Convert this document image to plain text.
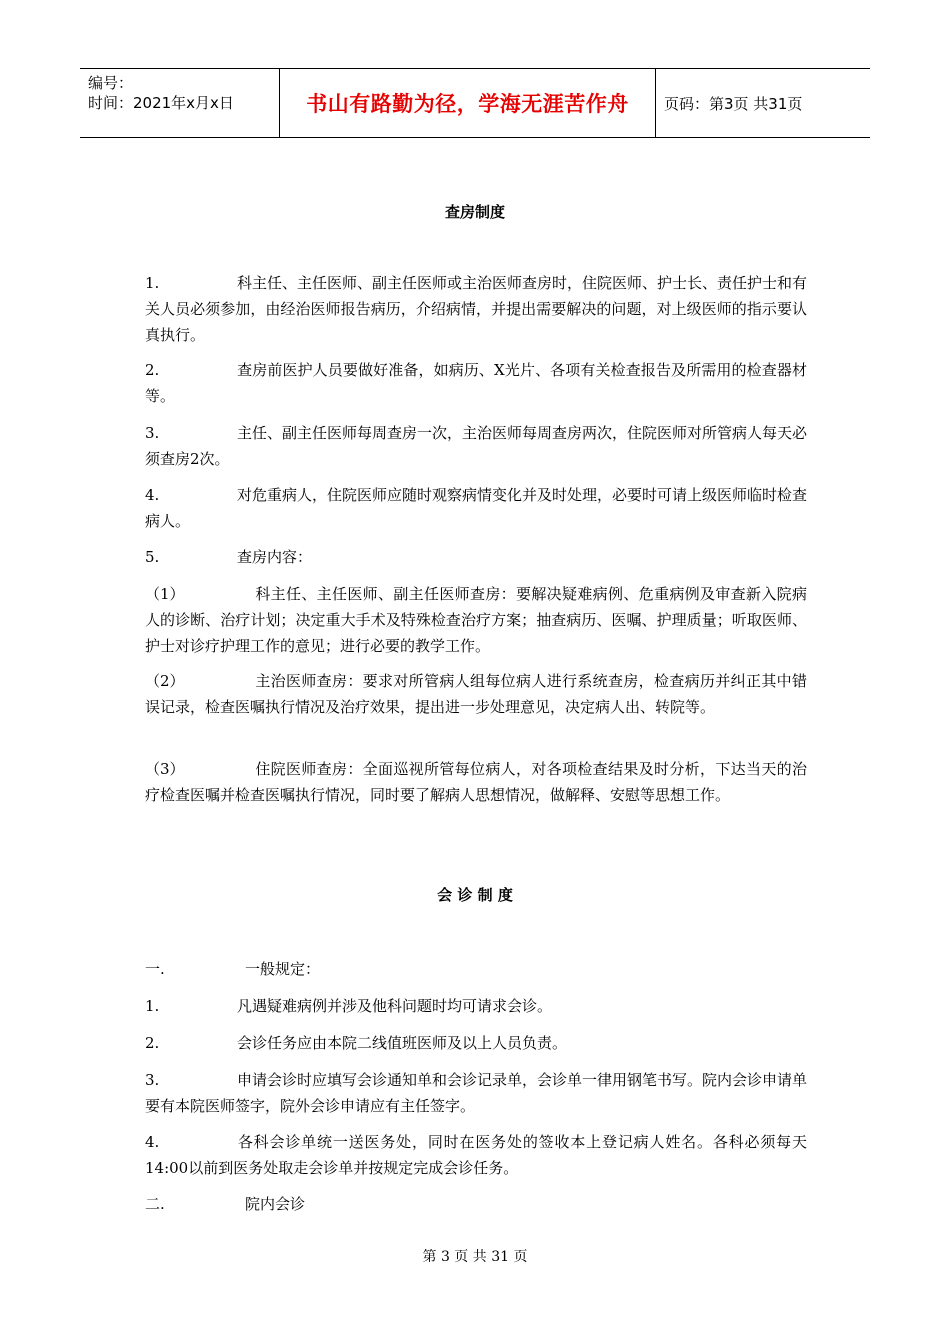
编号：
时间：2021年x月x日	书山有路勤为径，学海无涯苦作舟	页码：第3页 共31页
查房制度

1.	科主任、主任医师、副主任医师或主治医师查房时，住院医师、护士长、责任护士和有关人员必须参加，由经治医师报告病历，介绍病情，并提出需要解决的问题，对上级医师的指示要认真执行。

2.	查房前医护人员要做好准备，如病历、X光片、各项有关检查报告及所需用的检查器材等。

3.	主任、副主任医师每周查房一次，主治医师每周查房两次，住院医师对所管病人每天必须查房2次。

4.	对危重病人，住院医师应随时观察病情变化并及时处理，必要时可请上级医师临时检查病人。

5.	查房内容：

（1）	科主任、主任医师、副主任医师查房：要解决疑难病例、危重病例及审查新入院病人的诊断、治疗计划；决定重大手术及特殊检查治疗方案；抽查病历、医嘱、护理质量；听取医师、护士对诊疗护理工作的意见；进行必要的教学工作。

（2）	主治医师查房：要求对所管病人组每位病人进行系统查房，检查病历并纠正其中错误记录，检查医嘱执行情况及治疗效果，提出进一步处理意见，决定病人出、转院等。

（3）	住院医师查房：全面巡视所管每位病人，对各项检查结果及时分析，下达当天的治疗检查医嘱并检查医嘱执行情况，同时要了解病人思想情况，做解释、安慰等思想工作。

会 诊 制 度

一.	一般规定：

1.	凡遇疑难病例并涉及他科问题时均可请求会诊。

2.	会诊任务应由本院二线值班医师及以上人员负责。

3.	申请会诊时应填写会诊通知单和会诊记录单，会诊单一律用钢笔书写。院内会诊申请单要有本院医师签字，院外会诊申请应有主任签字。

4.	各科会诊单统一送医务处，同时在医务处的签收本上登记病人姓名。各科必须每天14:00以前到医务处取走会诊单并按规定完成会诊任务。

二.	院内会诊

第 3 页 共 31 页
